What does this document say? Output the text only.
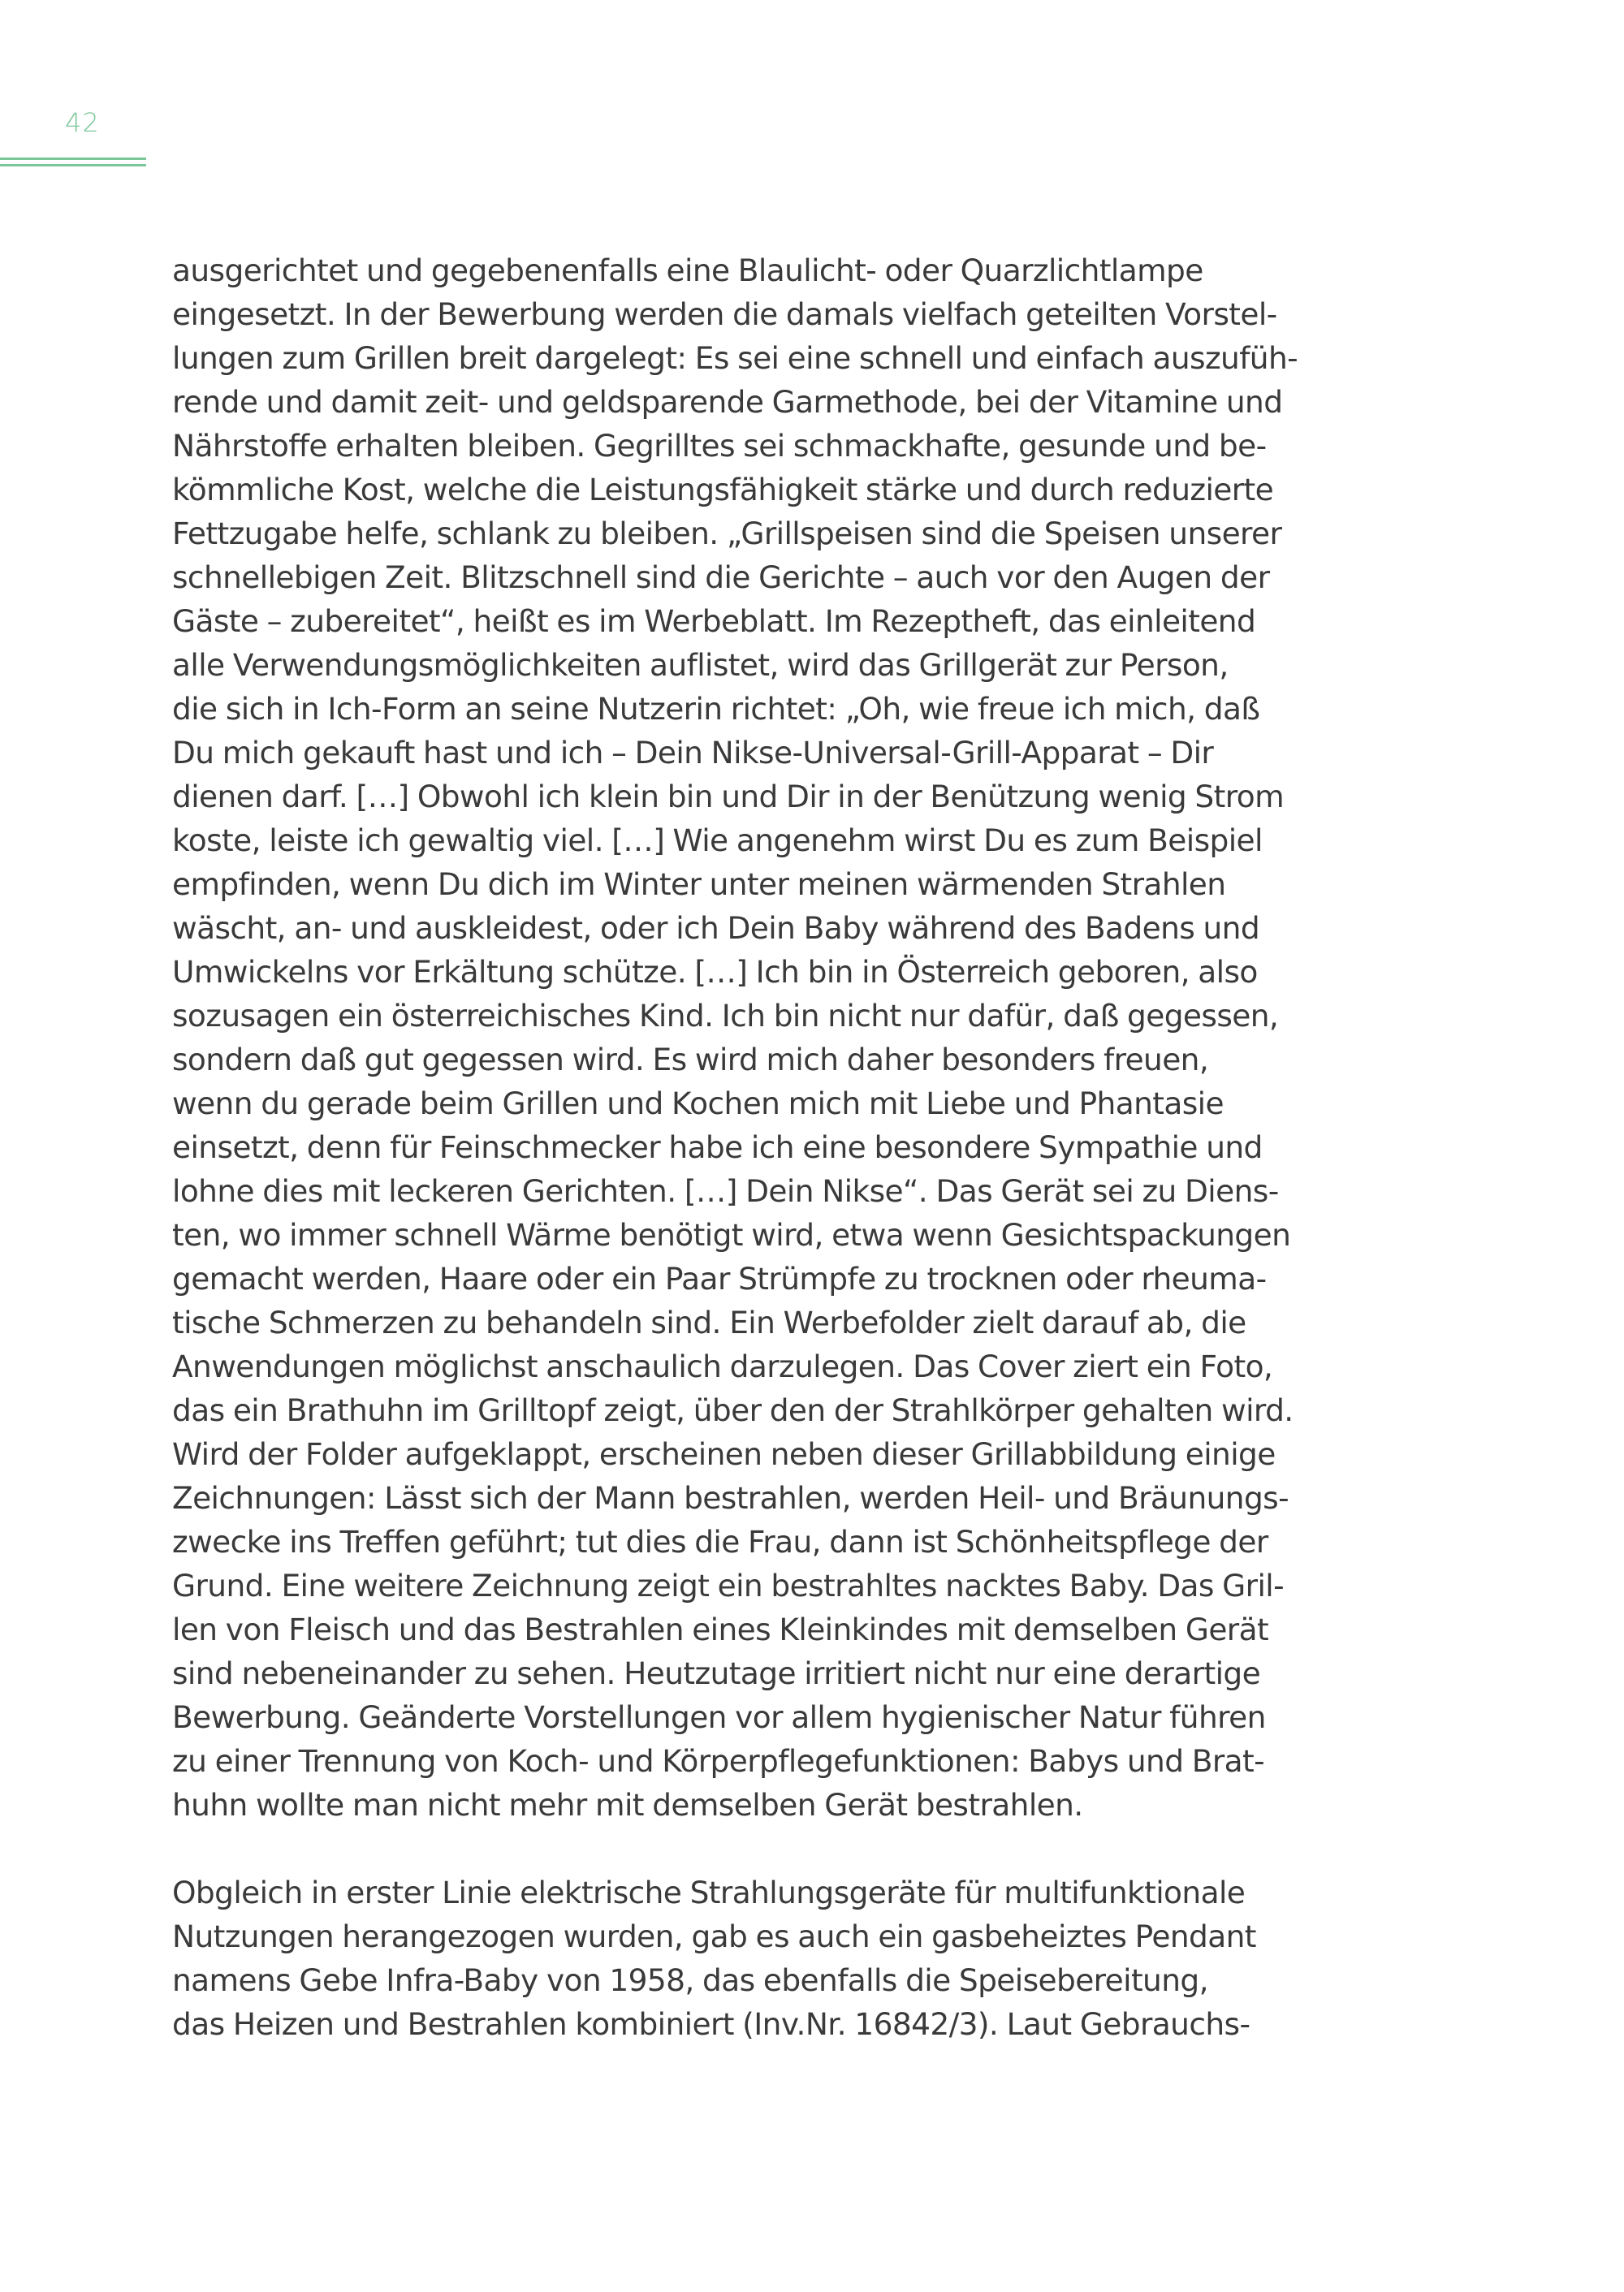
42
ausgerichtet und gegebenenfalls eine Blaulicht- oder Quarzlichtlampe
eingesetzt. In der Bewerbung werden die damals vielfach geteilten Vorstel-
lungen zum Grillen breit dargelegt: Es sei eine schnell und einfach auszufüh-
rende und damit zeit- und geldsparende Garmethode, bei der Vitamine und
Nährstoffe erhalten bleiben. Gegrilltes sei schmackhafte, gesunde und be-
kömmliche Kost, welche die Leistungsfähigkeit stärke und durch reduzierte
Fettzugabe helfe, schlank zu bleiben. „Grillspeisen sind die Speisen unserer
schnellebigen Zeit. Blitzschnell sind die Gerichte – auch vor den Augen der
Gäste – zubereitet“, heißt es im Werbeblatt. Im Rezeptheft, das einleitend
alle Verwendungsmöglichkeiten auflistet, wird das Grillgerät zur Person,
die sich in Ich-Form an seine Nutzerin richtet: „Oh, wie freue ich mich, daß
Du mich gekauft hast und ich – Dein Nikse-Universal-Grill-Apparat – Dir
dienen darf. […] Obwohl ich klein bin und Dir in der Benützung wenig Strom
koste, leiste ich gewaltig viel. […] Wie angenehm wirst Du es zum Beispiel
empfinden, wenn Du dich im Winter unter meinen wärmenden Strahlen
wäscht, an- und auskleidest, oder ich Dein Baby während des Badens und
Umwickelns vor Erkältung schütze. […] Ich bin in Österreich geboren, also
sozusagen ein österreichisches Kind. Ich bin nicht nur dafür, daß gegessen,
sondern daß gut gegessen wird. Es wird mich daher besonders freuen,
wenn du gerade beim Grillen und Kochen mich mit Liebe und Phantasie
einsetzt, denn für Feinschmecker habe ich eine besondere Sympathie und
lohne dies mit leckeren Gerichten. […] Dein Nikse“. Das Gerät sei zu Diens-
ten, wo immer schnell Wärme benötigt wird, etwa wenn Gesichtspackungen
gemacht werden, Haare oder ein Paar Strümpfe zu trocknen oder rheuma-
tische Schmerzen zu behandeln sind. Ein Werbefolder zielt darauf ab, die
Anwendungen möglichst anschaulich darzulegen. Das Cover ziert ein Foto,
das ein Brathuhn im Grilltopf zeigt, über den der Strahlkörper gehalten wird.
Wird der Folder aufgeklappt, erscheinen neben dieser Grillabbildung einige
Zeichnungen: Lässt sich der Mann bestrahlen, werden Heil- und Bräunungs-
zwecke ins Treffen geführt; tut dies die Frau, dann ist Schönheitspflege der
Grund. Eine weitere Zeichnung zeigt ein bestrahltes nacktes Baby. Das Gril-
len von Fleisch und das Bestrahlen eines Kleinkindes mit demselben Gerät
sind nebeneinander zu sehen. Heutzutage irritiert nicht nur eine derartige
Bewerbung. Geänderte Vorstellungen vor allem hygienischer Natur führen
zu einer Trennung von Koch- und Körperpflegefunktionen: Babys und Brat-
huhn wollte man nicht mehr mit demselben Gerät bestrahlen.
Obgleich in erster Linie elektrische Strahlungsgeräte für multifunktionale
Nutzungen herangezogen wurden, gab es auch ein gasbeheiztes Pendant
namens Gebe Infra-Baby von 1958, das ebenfalls die Speisebereitung,
das Heizen und Bestrahlen kombiniert (Inv.Nr. 16842/3). Laut Gebrauchs-
